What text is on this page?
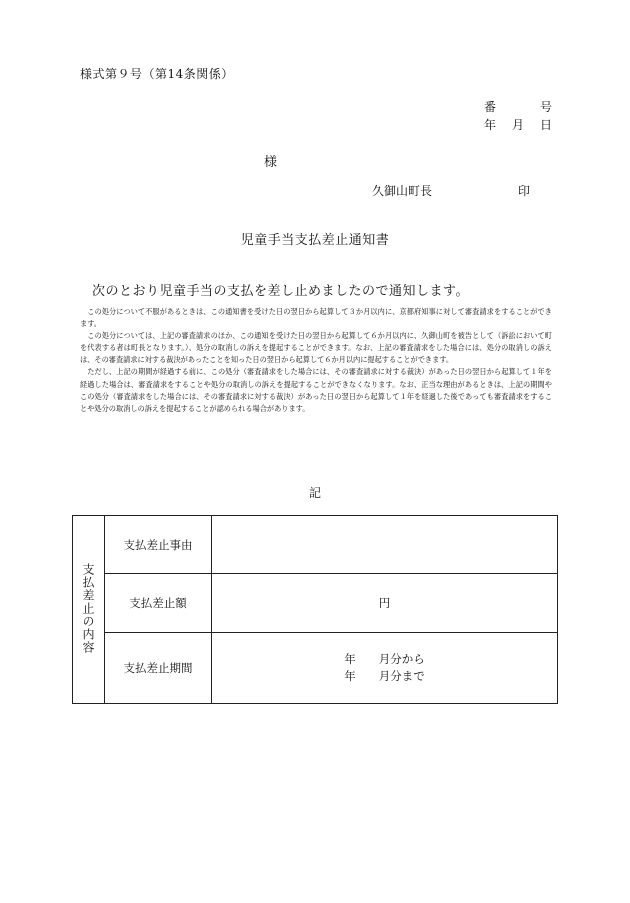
様式第９号（第14条関係）
番	号
年 月 日
様
久御山町長	印
児童手当支払差止通知書
次のとおり児童手当の支払を差し止めましたので通知します。

この処分について不服があるときは、この通知書を受けた日の翌日から起算して３か月以内に、京都府知事に対して審査請求をすることができます。

この処分については、上記の審査請求のほか、この通知を受けた日の翌日から起算して６か月以内に、久御山町を被告として（訴訟において町を代表する者は町長となります。）、処分の取消しの訴えを提起することができます。なお、上記の審査請求をした場合には、処分の取消しの訴えは、その審査請求に対する裁決があったことを知った日の翌日から起算して６か月以内に提起することができます。

ただし、上記の期間が経過する前に、この処分（審査請求をした場合には、その審査請求に対する裁決）があった日の翌日から起算して１年を経過した場合は、審査請求をすることや処分の取消しの訴えを提起することができなくなります。なお、正当な理由があるときは、上記の期間やこの処分（審査請求をした場合には、その審査請求に対する裁決）があった日の翌日から起算して１年を経過した後であっても審査請求をすることや処分の取消しの訴えを提起することが認められる場合があります。

記
支払差止の内容	支払差止事由	
	支払差止額	円
	支払差止期間	年　　月分から
年　　月分まで
